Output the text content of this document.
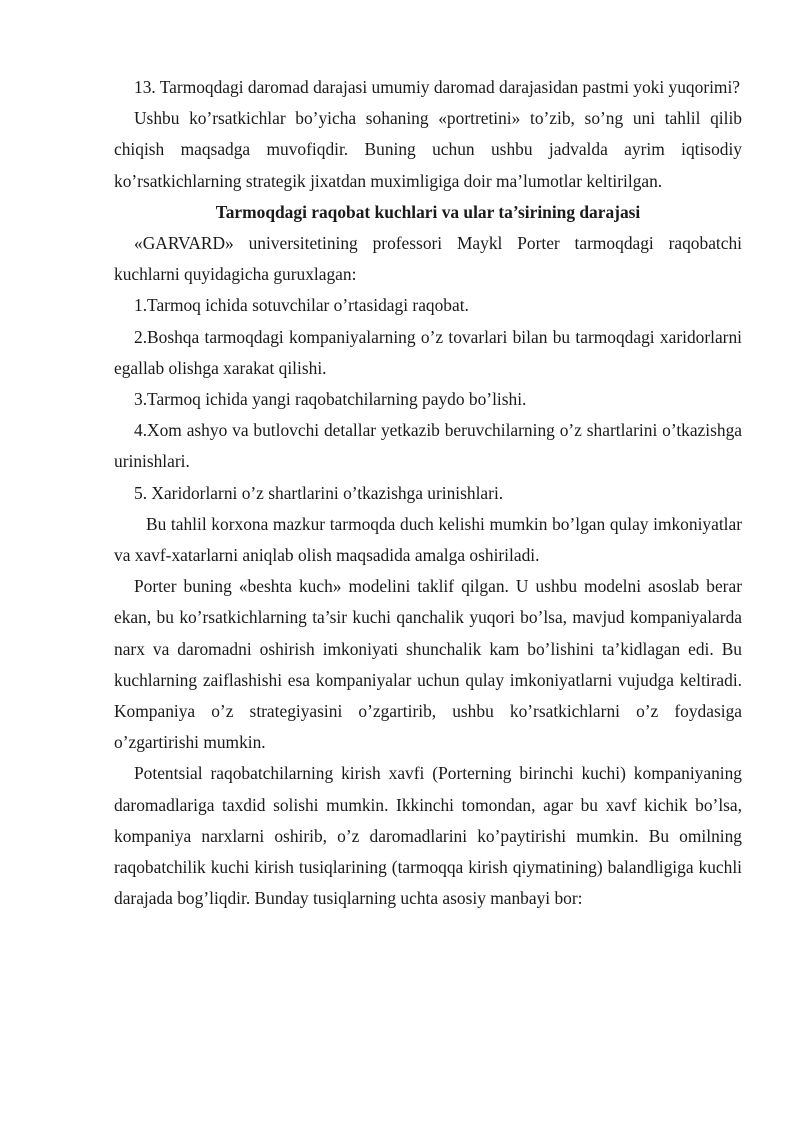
13. Tarmoqdagi daromad darajasi umumiy daromad darajasidan pastmi yoki yuqorimi?

Ushbu ko’rsatkichlar bo’yicha sohaning «portretini» to’zib, so’ng uni tahlil qilib chiqish maqsadga muvofiqdir. Buning uchun ushbu jadvalda ayrim iqtisodiy ko’rsatkichlarning strategik jixatdan muximligiga doir ma’lumotlar keltirilgan.

Tarmoqdagi raqobat kuchlari va ular ta’sirining darajasi

«GARVARD» universitetining professori Maykl Porter tarmoqdagi raqobatchi kuchlarni quyidagicha guruxlagan:

1.Tarmoq ichida sotuvchilar o’rtasidagi raqobat.

2.Boshqa tarmoqdagi kompaniyalarning o’z tovarlari bilan bu tarmoqdagi xaridorlarni egallab olishga xarakat qilishi.

3.Tarmoq ichida yangi raqobatchilarning paydo bo’lishi.

4.Xom ashyo va butlovchi detallar yetkazib beruvchilarning o’z shartlarini o’tkazishga urinishlari.

5. Xaridorlarni o’z shartlarini o’tkazishga urinishlari.

Bu tahlil korxona mazkur tarmoqda duch kelishi mumkin bo’lgan qulay imkoniyatlar va xavf-xatarlarni aniqlab olish maqsadida amalga oshiriladi.

Porter buning «beshta kuch» modelini taklif qilgan. U ushbu modelni asoslab berar ekan, bu ko’rsatkichlarning ta’sir kuchi qanchalik yuqori bo’lsa, mavjud kompaniyalarda narx va daromadni oshirish imkoniyati shunchalik kam bo’lishini ta’kidlagan edi. Bu kuchlarning zaiflashishi esa kompaniyalar uchun qulay imkoniyatlarni vujudga keltiradi. Kompaniya o’z strategiyasini o’zgartirib, ushbu ko’rsatkichlarni o’z foydasiga o’zgartirishi mumkin.

Potentsial raqobatchilarning kirish xavfi (Porterning birinchi kuchi) kompaniyaning daromadlariga taxdid solishi mumkin. Ikkinchi tomondan, agar bu xavf kichik bo’lsa, kompaniya narxlarni oshirib, o’z daromadlarini ko’paytirishi mumkin. Bu omilning raqobatchilik kuchi kirish tusiqlarining (tarmoqqa kirish qiymatining) balandligiga kuchli darajada bog’liqdir. Bunday tusiqlarning uchta asosiy manbayi bor:
